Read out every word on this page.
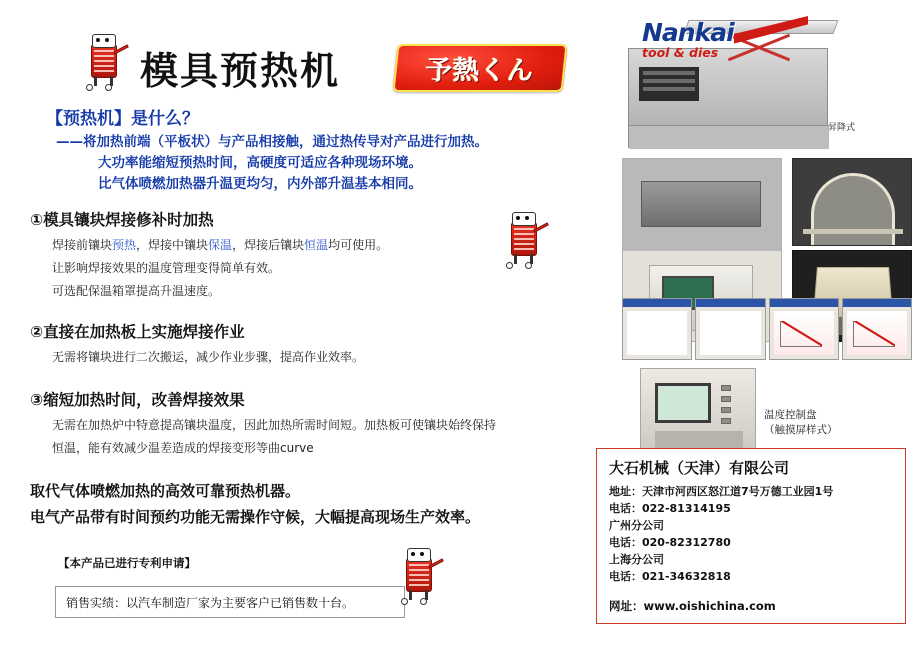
模具预热机	予熱くん
【预热机】是什么？
——将加热前端（平板状）与产品相接触，通过热传导对产品进行加热。
大功率能缩短预热时间，高硬度可适应各种现场环境。
比气体喷燃加热器升温更均匀，内外部升温基本相同。
①模具镶块焊接修补时加热

焊接前镶块预热，焊接中镶块保温，焊接后镶块恒温均可使用。

让影响焊接效果的温度管理变得简单有效。

可选配保温箱罩提高升温速度。

②直接在加热板上实施焊接作业

无需将镶块进行二次搬运，减少作业步骤，提高作业效率。

③缩短加热时间，改善焊接效果

无需在加热炉中特意提高镶块温度，因此加热所需时间短。加热板可使镶块始终保持

恒温，能有效减少温差造成的焊接变形等曲curve

取代气体喷燃加热的高效可靠预热机器。
电气产品带有时间预约功能无需操作守候，大幅提高现场生产效率。
【本产品已进行专利申请】
销售实绩：以汽车制造厂家为主要客户已销售数十台。
昇降式
Nankai
tool & dies
温度控制盘
（触摸屏样式）
大石机械（天津）有限公司
地址：天津市河西区怒江道7号万德工业园1号
电话：022-81314195
广州分公司
电话：020-82312780
上海分公司
电话：021-34632818
网址：www.oishichina.com
